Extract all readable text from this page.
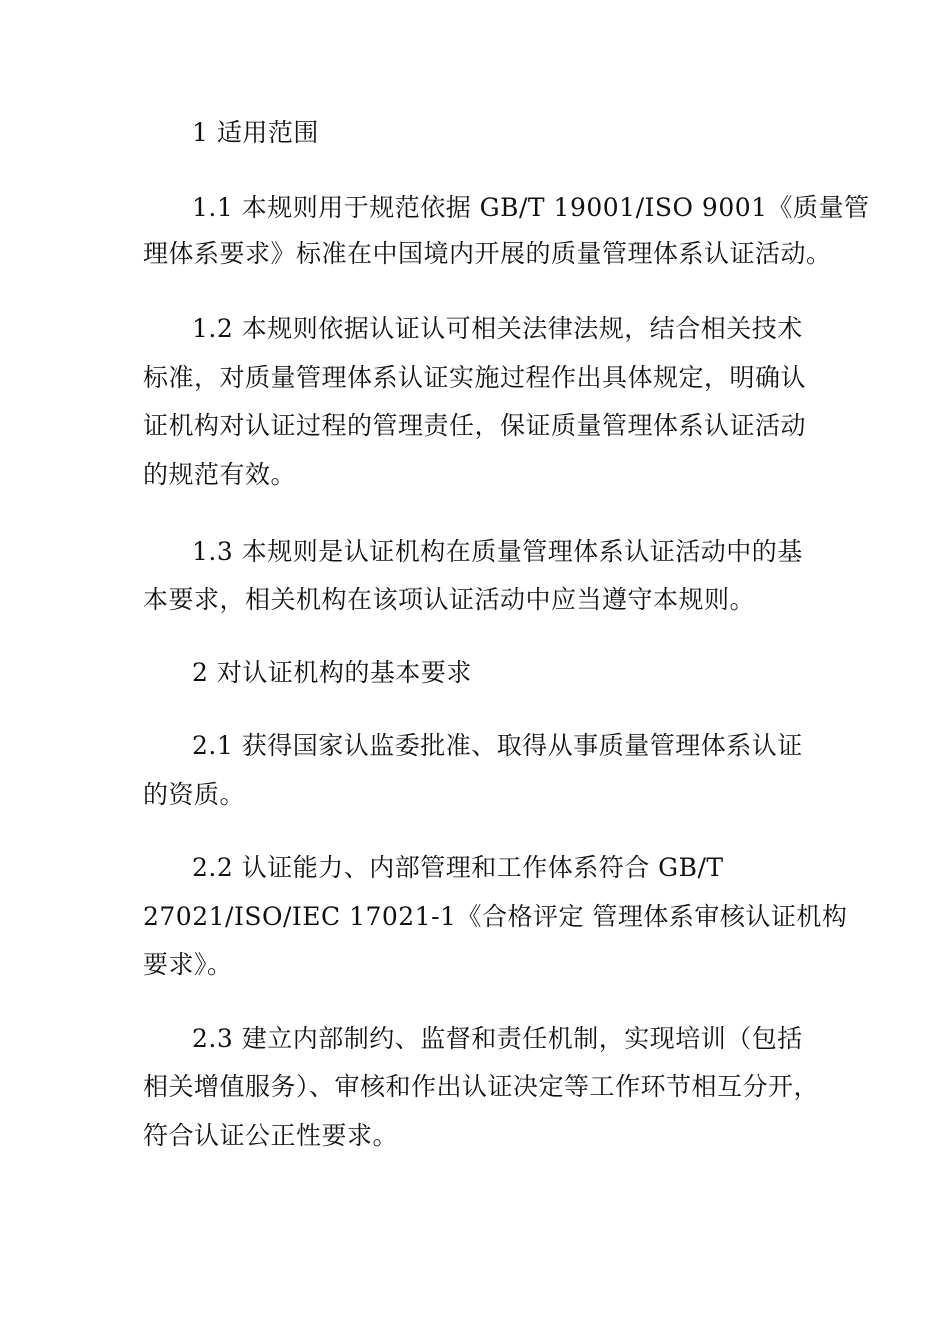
1 适用范围
1.1 本规则用于规范依据 GB/T 19001/ISO 9001《质量管
理体系要求》标准在中国境内开展的质量管理体系认证活动。
1.2 本规则依据认证认可相关法律法规，结合相关技术
标准，对质量管理体系认证实施过程作出具体规定，明确认
证机构对认证过程的管理责任，保证质量管理体系认证活动
的规范有效。
1.3 本规则是认证机构在质量管理体系认证活动中的基
本要求，相关机构在该项认证活动中应当遵守本规则。
2 对认证机构的基本要求
2.1 获得国家认监委批准、取得从事质量管理体系认证
的资质。
2.2 认证能力、内部管理和工作体系符合 GB/T
27021/ISO/IEC 17021-1《合格评定 管理体系审核认证机构
要求》。
2.3 建立内部制约、监督和责任机制，实现培训（包括
相关增值服务）、审核和作出认证决定等工作环节相互分开，
符合认证公正性要求。
